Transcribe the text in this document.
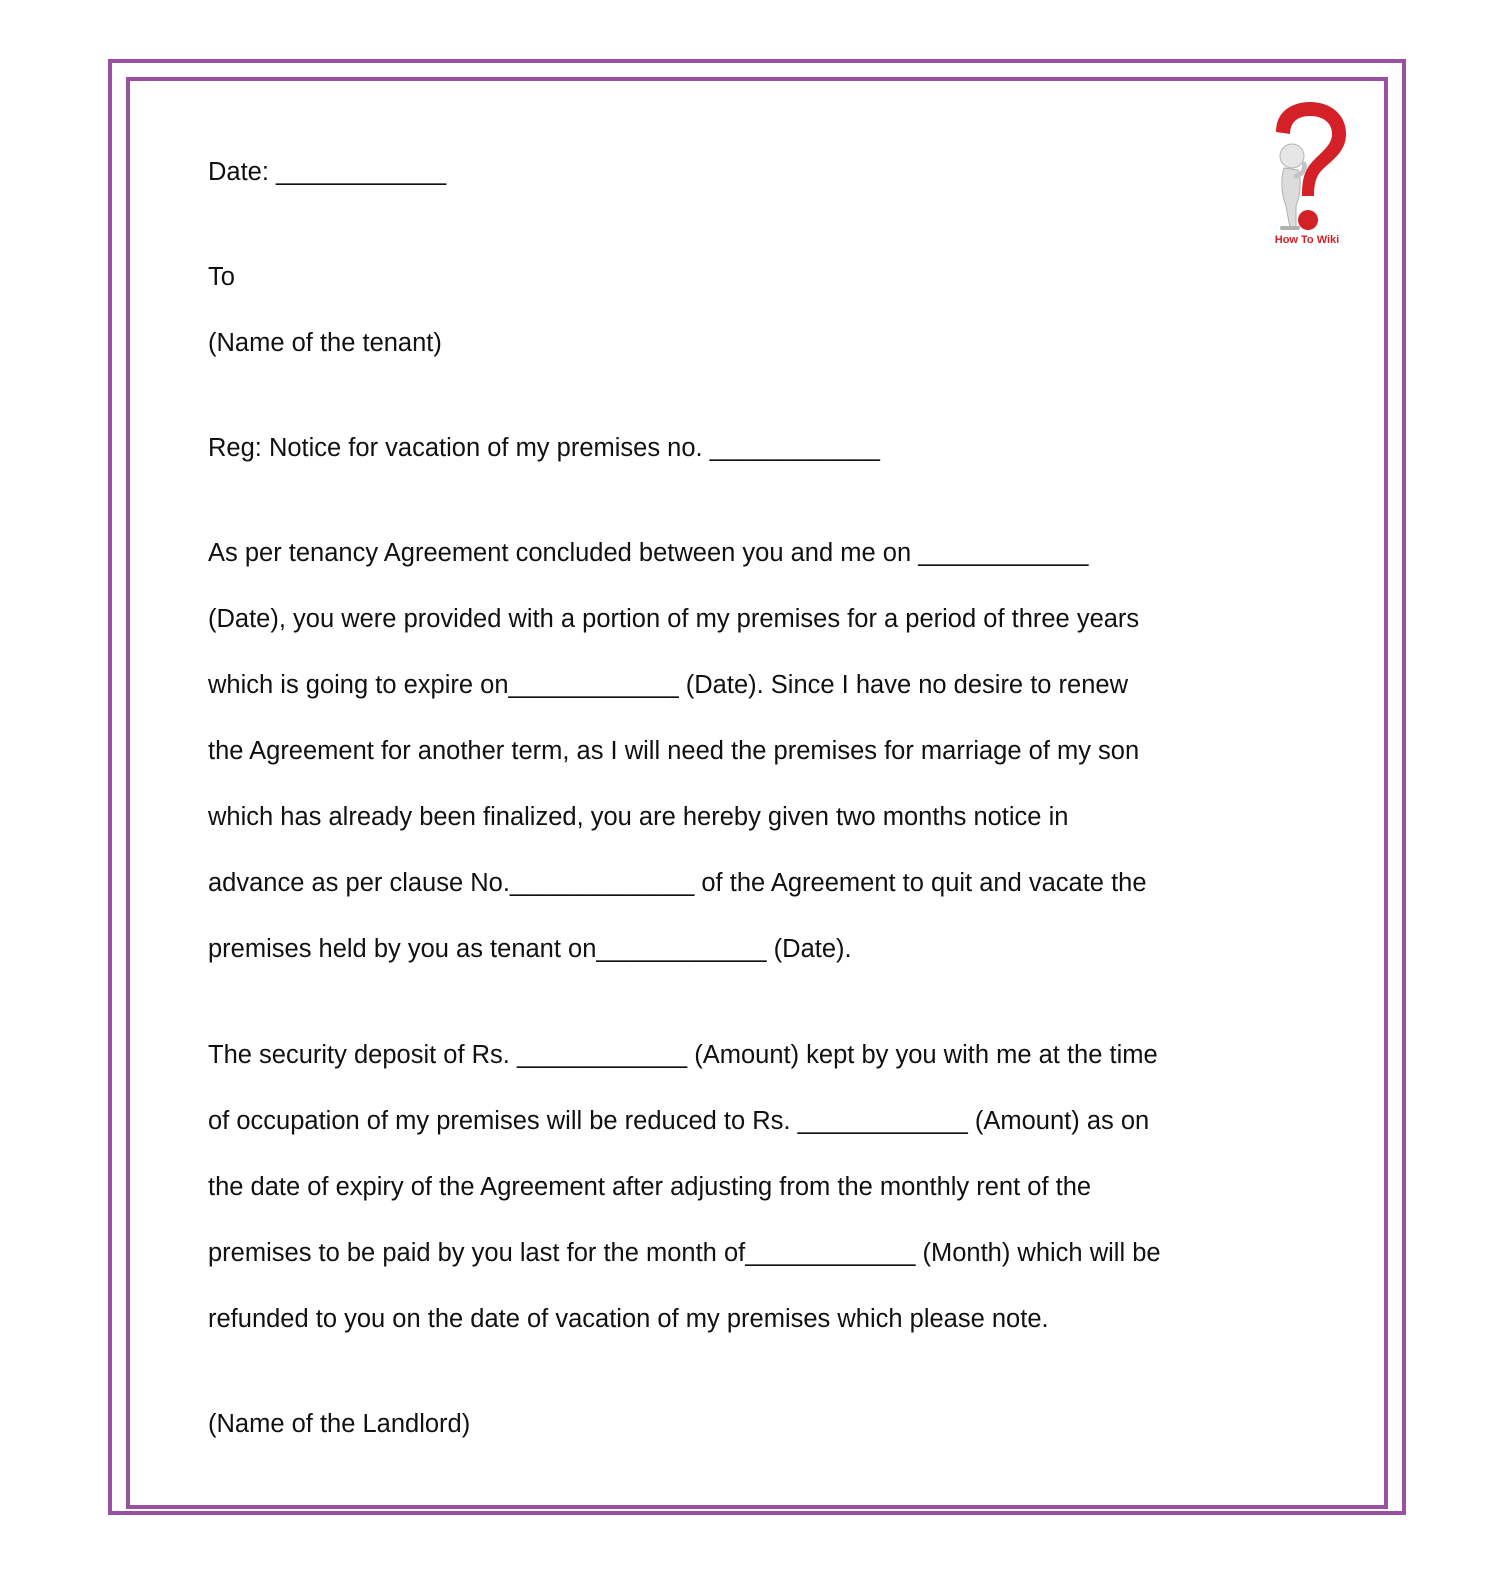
How To Wiki

Date: ____________

To

(Name of the tenant)

Reg: Notice for vacation of my premises no. ____________

As per tenancy Agreement concluded between you and me on ____________

(Date), you were provided with a portion of my premises for a period of three years

which is going to expire on____________ (Date). Since I have no desire to renew

the Agreement for another term, as I will need the premises for marriage of my son

which has already been finalized, you are hereby given two months notice in

advance as per clause No._____________ of the Agreement to quit and vacate the

premises held by you as tenant on____________ (Date).

The security deposit of Rs. ____________ (Amount) kept by you with me at the time

of occupation of my premises will be reduced to Rs. ____________ (Amount) as on

the date of expiry of the Agreement after adjusting from the monthly rent of the

premises to be paid by you last for the month of____________ (Month) which will be

refunded to you on the date of vacation of my premises which please note.

(Name of the Landlord)
